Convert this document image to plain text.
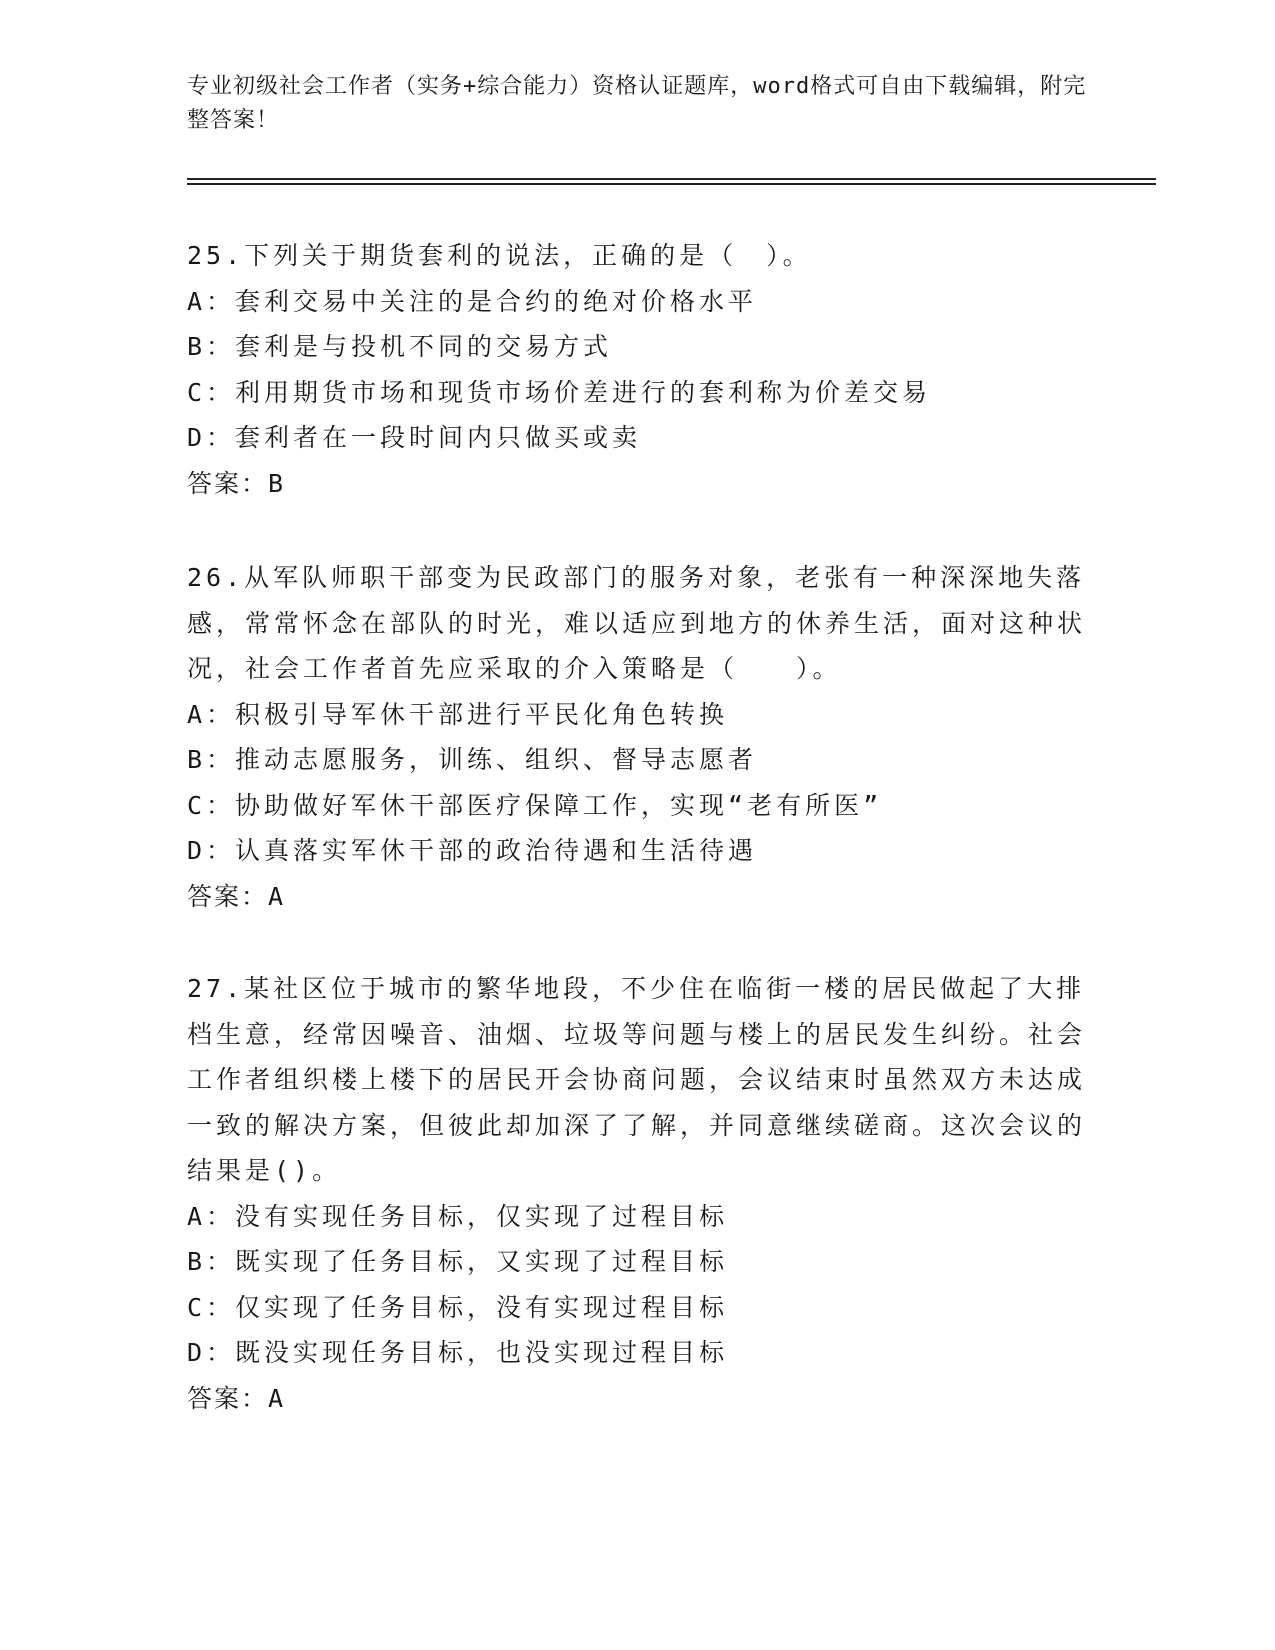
专业初级社会工作者（实务+综合能力）资格认证题库，word格式可自由下载编辑，附完整答案！
25.下列关于期货套利的说法，正确的是（　）。
A：套利交易中关注的是合约的绝对价格水平
B：套利是与投机不同的交易方式
C：利用期货市场和现货市场价差进行的套利称为价差交易
D：套利者在一段时间内只做买或卖
答案：B
26.从军队师职干部变为民政部门的服务对象，老张有一种深深地失落感，常常怀念在部队的时光，难以适应到地方的休养生活，面对这种状况，社会工作者首先应采取的介入策略是（　　）。
A：积极引导军休干部进行平民化角色转换
B：推动志愿服务，训练、组织、督导志愿者
C：协助做好军休干部医疗保障工作，实现“老有所医”
D：认真落实军休干部的政治待遇和生活待遇
答案：A
27.某社区位于城市的繁华地段，不少住在临街一楼的居民做起了大排档生意，经常因噪音、油烟、垃圾等问题与楼上的居民发生纠纷。社会工作者组织楼上楼下的居民开会协商问题，会议结束时虽然双方未达成一致的解决方案，但彼此却加深了了解，并同意继续磋商。这次会议的结果是()。
A：没有实现任务目标，仅实现了过程目标
B：既实现了任务目标，又实现了过程目标
C：仅实现了任务目标，没有实现过程目标
D：既没实现任务目标，也没实现过程目标
答案：A
